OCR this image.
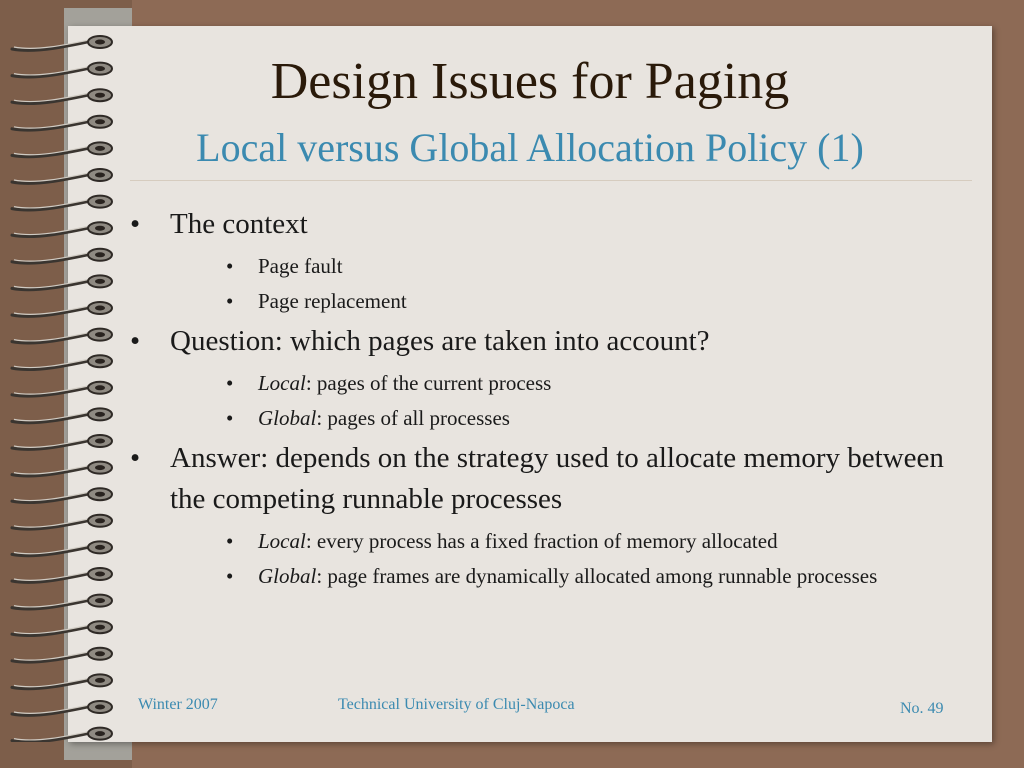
Design Issues for Paging
Local versus Global Allocation Policy (1)
• The context
• Page fault
• Page replacement
• Question: which pages are taken into account?
• Local: pages of the current process
• Global: pages of all processes
• Answer: depends on the strategy used to allocate memory between the competing runnable processes
• Local: every process has a fixed fraction of memory allocated
• Global: page frames are dynamically allocated among runnable processes
Winter 2007	Technical University of Cluj-Napoca	No. 49
